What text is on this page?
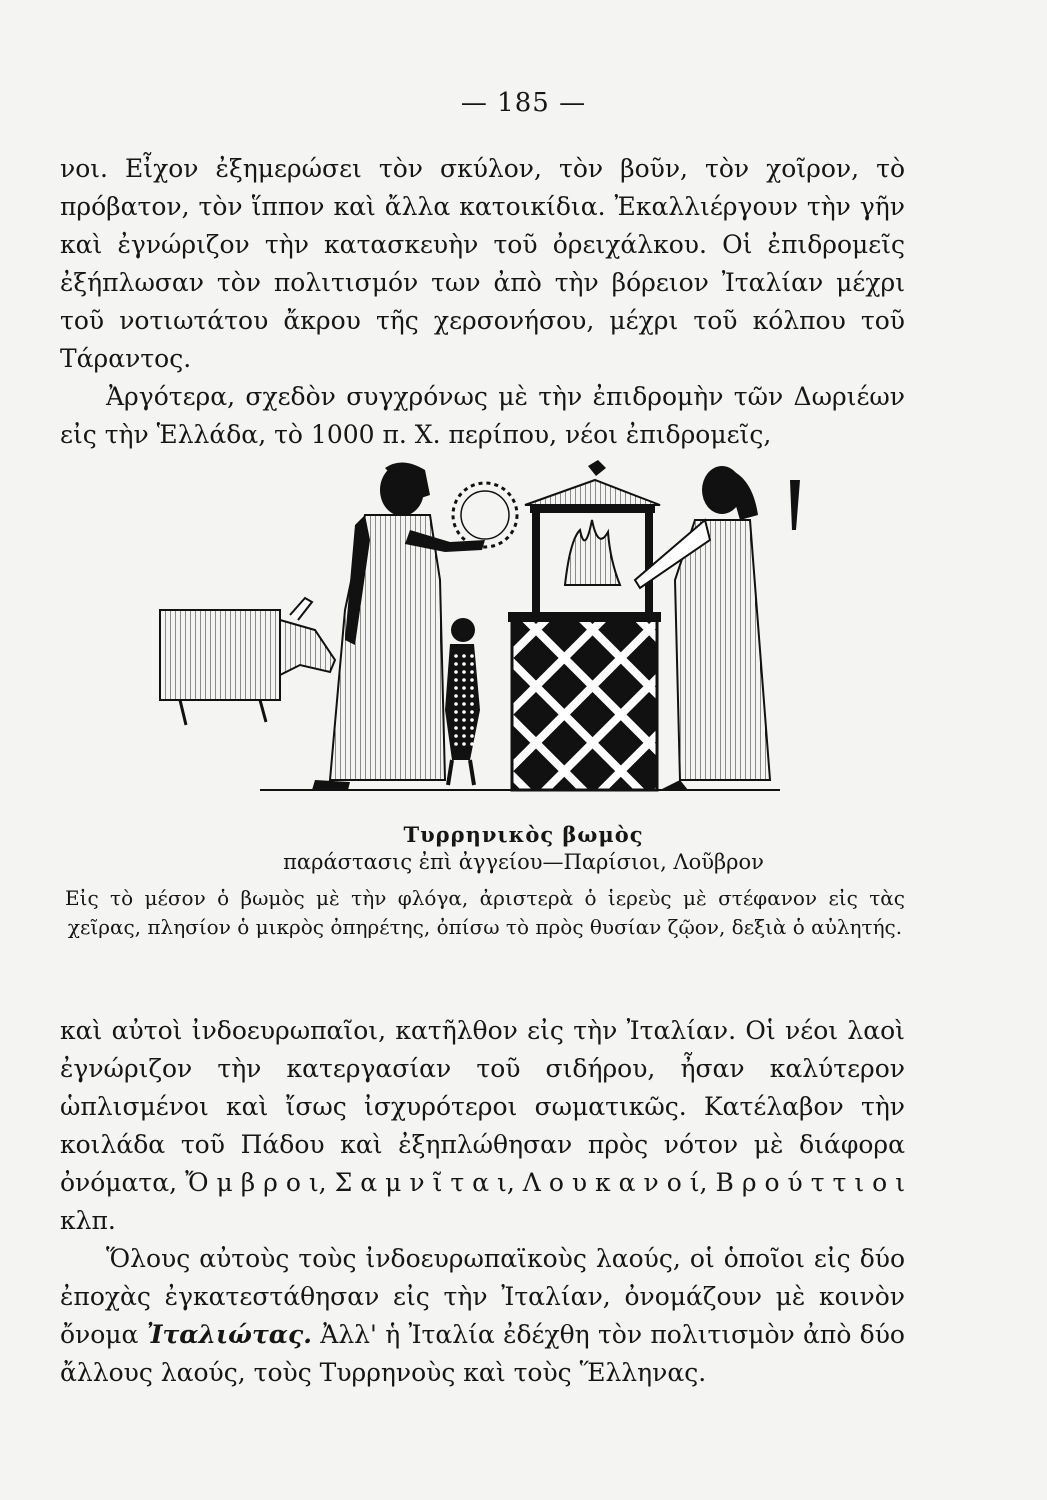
— 185 —

νοι. Εἶχον ἐξημερώσει τὸν σκύλον, τὸν βοῦν, τὸν χοῖρον, τὸ πρόβατον, τὸν ἵππον καὶ ἄλλα κατοικίδια. Ἐκαλλιέργουν τὴν γῆν καὶ ἐγνώριζον τὴν κατασκευὴν τοῦ ὀρειχάλκου. Οἱ ἐπιδρομεῖς ἐξήπλωσαν τὸν πολιτισμόν των ἀπὸ τὴν βόρειον Ἰταλίαν μέχρι τοῦ νοτιωτάτου ἄκρου τῆς χερσονήσου, μέχρι τοῦ κόλπου τοῦ Τάραντος.

Ἀργότερα, σχεδὸν συγχρόνως μὲ τὴν ἐπιδρομὴν τῶν Δωριέων εἰς τὴν Ἑλλάδα, τὸ 1000 π. Χ. περίπου, νέοι ἐπιδρομεῖς,

Τυρρηνικὸς βωμὸς
παράστασις ἐπὶ ἀγγείου—Παρίσιοι, Λοῦβρον
Εἰς τὸ μέσον ὁ βωμὸς μὲ τὴν φλόγα, ἀριστερὰ ὁ ἱερεὺς μὲ στέφανον εἰς τὰς χεῖρας, πλησίον ὁ μικρὸς ὀπηρέτης, ὀπίσω τὸ πρὸς θυσίαν ζῷον, δεξιὰ ὁ αὐλητής.

καὶ αὐτοὶ ἰνδοευρωπαῖοι, κατῆλθον εἰς τὴν Ἰταλίαν. Οἱ νέοι λαοὶ ἐγνώριζον τὴν κατεργασίαν τοῦ σιδήρου, ἦσαν καλύτερον ὡπλισμένοι καὶ ἴσως ἰσχυρότεροι σωματικῶς. Κατέλαβον τὴν κοιλάδα τοῦ Πάδου καὶ ἐξηπλώθησαν πρὸς νότον μὲ διάφορα ὀνόματα, Ὄ μ β ρ ο ι, Σ α μ ν ῖ τ α ι, Λ ο υ κ α ν ο ί, Β ρ ο ύ τ τ ι ο ι κλπ.

Ὅλους αὐτοὺς τοὺς ἰνδοευρωπαϊκοὺς λαούς, οἱ ὁποῖοι εἰς δύο ἐποχὰς ἐγκατεστάθησαν εἰς τὴν Ἰταλίαν, ὀνομάζουν μὲ κοινὸν ὄνομα Ἰταλιώτας. Ἀλλ' ἡ Ἰταλία ἐδέχθη τὸν πολιτισμὸν ἀπὸ δύο ἄλλους λαούς, τοὺς Τυρρηνοὺς καὶ τοὺς Ἕλληνας.
